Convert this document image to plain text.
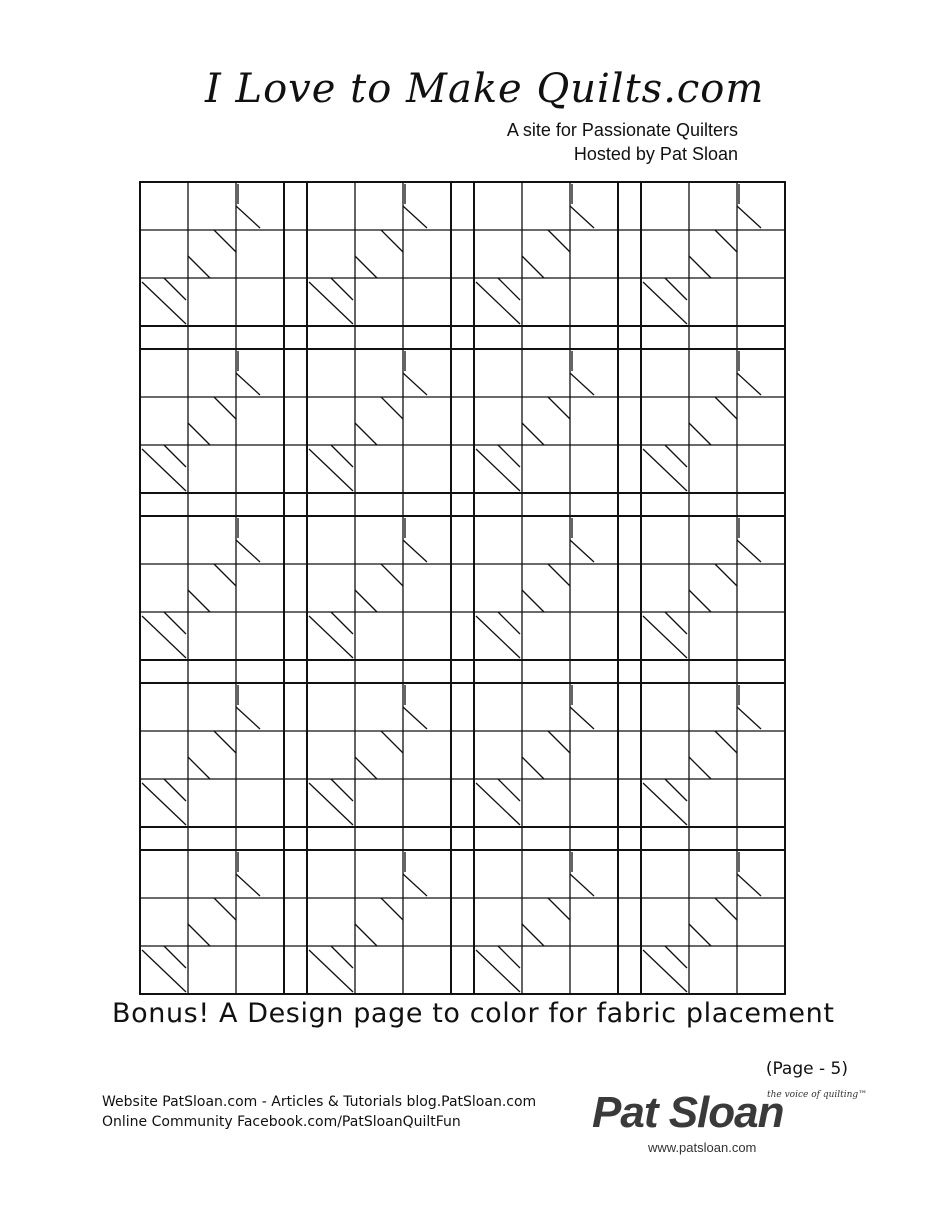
I Love to Make Quilts.com
A site for Passionate Quilters
Hosted by Pat Sloan
Bonus! A Design page to color for fabric placement
(Page - 5)
Website PatSloan.com - Articles & Tutorials blog.PatSloan.com
Online Community Facebook.com/PatSloanQuiltFun	Pat Sloan
the voice of quilting™
www.patsloan.com
